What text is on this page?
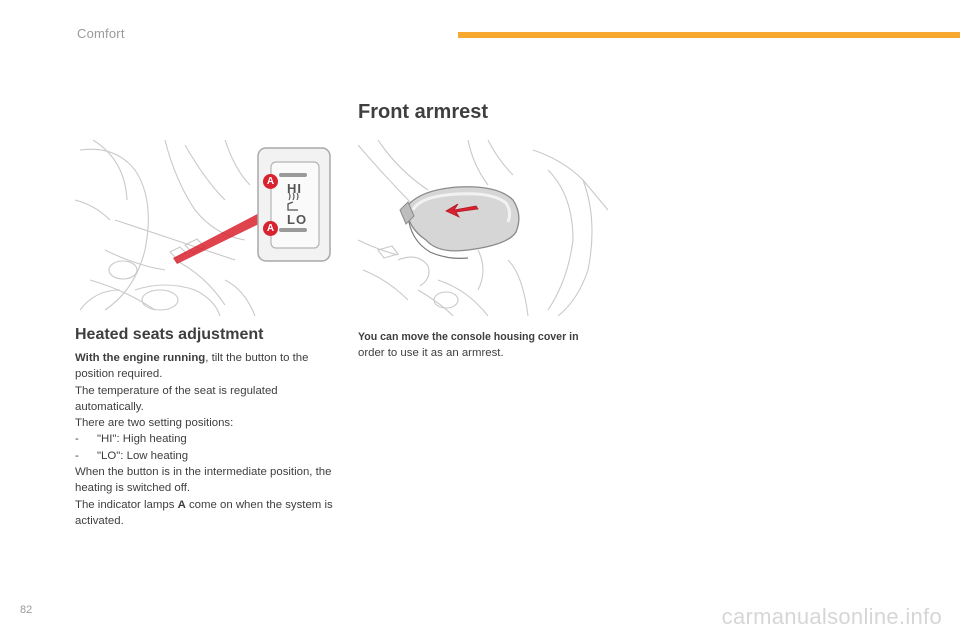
Comfort
Front armrest
HI
LO
A
A
Heated seats adjustment

With the engine running, tilt the button to the position required.

The temperature of the seat is regulated automatically.

There are two setting positions:

-	"HI": High heating
-	"LO": Low heating

When the button is in the intermediate position, the heating is switched off.

The indicator lamps A come on when the system is activated.

You can move the console housing cover in

order to use it as an armrest.

82	carmanualsonline.info
